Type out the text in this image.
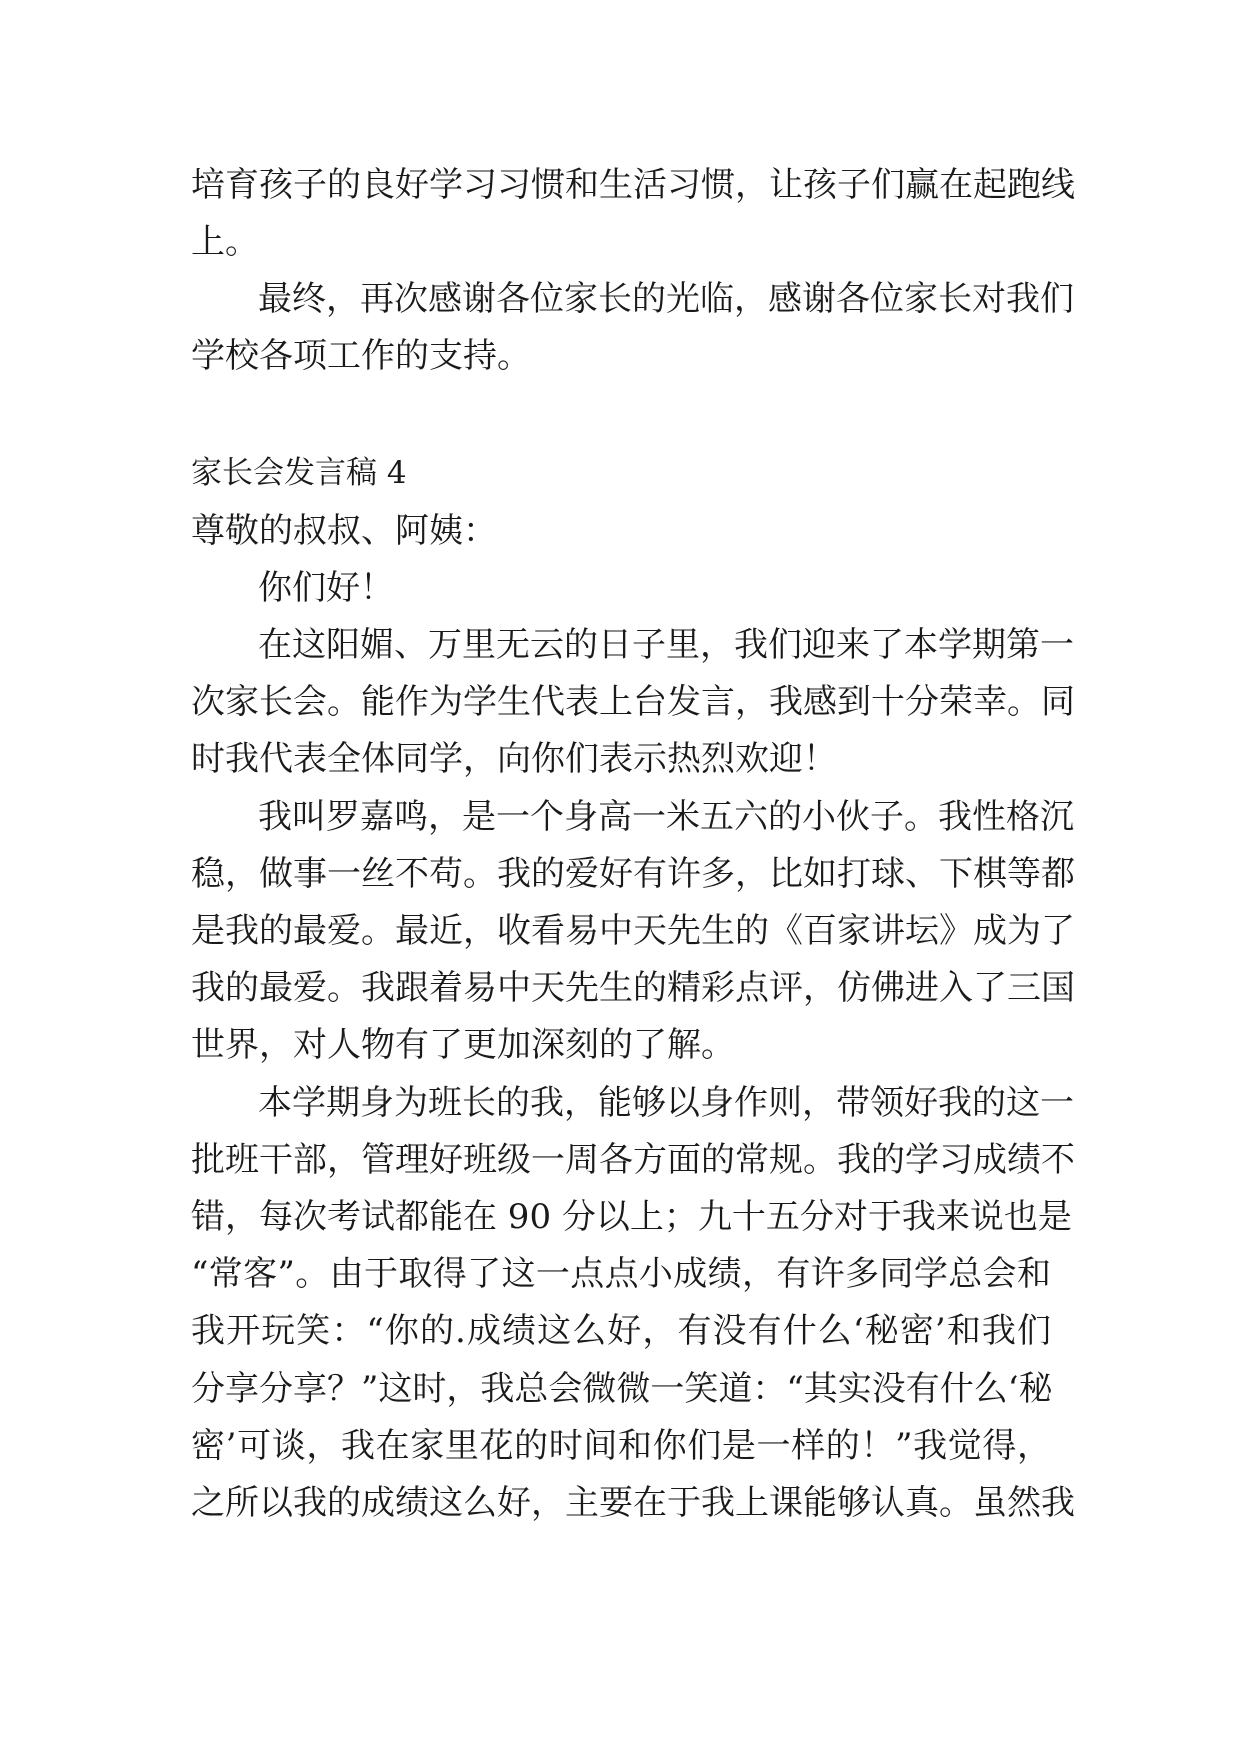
培育孩子的良好学习习惯和生活习惯，让孩子们赢在起跑线
上。
最终，再次感谢各位家长的光临，感谢各位家长对我们
学校各项工作的支持。
家长会发言稿 4
尊敬的叔叔、阿姨：
你们好！
在这阳媚、万里无云的日子里，我们迎来了本学期第一
次家长会。能作为学生代表上台发言，我感到十分荣幸。同
时我代表全体同学，向你们表示热烈欢迎！
我叫罗嘉鸣，是一个身高一米五六的小伙子。我性格沉
稳，做事一丝不苟。我的爱好有许多，比如打球、下棋等都
是我的最爱。最近，收看易中天先生的《百家讲坛》成为了
我的最爱。我跟着易中天先生的精彩点评，仿佛进入了三国
世界，对人物有了更加深刻的了解。
本学期身为班长的我，能够以身作则，带领好我的这一
批班干部，管理好班级一周各方面的常规。我的学习成绩不
错，每次考试都能在 90 分以上；九十五分对于我来说也是
“常客”。由于取得了这一点点小成绩，有许多同学总会和
我开玩笑：“你的.成绩这么好，有没有什么‘秘密’和我们
分享分享？”这时，我总会微微一笑道：“其实没有什么‘秘
密’可谈，我在家里花的时间和你们是一样的！”我觉得，
之所以我的成绩这么好，主要在于我上课能够认真。虽然我
